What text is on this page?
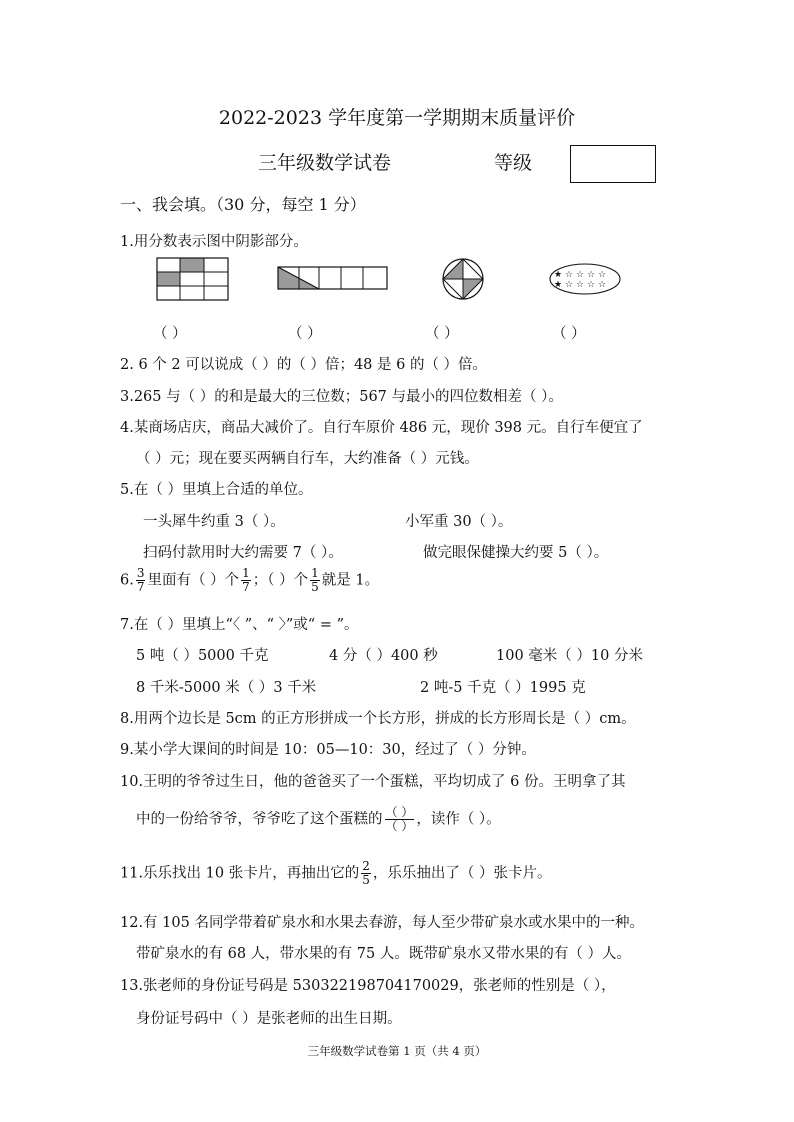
2022-2023 学年度第一学期期末质量评价
三年级数学试卷	等级
一、我会填。（30 分，每空 1 分）
1.用分数表示图中阴影部分。
★ ☆ ☆ ☆ ☆
★ ☆ ☆ ☆ ☆
（ ）	（ ）	（ ）	（ ）
2. 6 个 2 可以说成（ ）的（ ）倍；48 是 6 的（ ）倍。
3.265 与（ ）的和是最大的三位数；567 与最小的四位数相差（ ）。
4.某商场店庆，商品大减价了。自行车原价 486 元，现价 398 元。自行车便宜了
（ ）元；现在要买两辆自行车，大约准备（ ）元钱。
5.在（ ）里填上合适的单位。
一头犀牛约重 3（ ）。	小军重 30（ ）。
扫码付款用时大约需要 7（ ）。	做完眼保健操大约要 5（ ）。
6. $\frac{3}{7}$ 里面有（ ）个 $\frac{1}{7}$ ；（ ）个 $\frac{1}{5}$ 就是 1。
7.在（ ）里填上“〈 ”、“ 〉”或“ = ”。
5 吨（ ）5000 千克	4 分（ ）400 秒	100 毫米（ ）10 分米
8 千米-5000 米（ ）3 千米	2 吨-5 千克（ ）1995 克
8.用两个边长是 5cm 的正方形拼成一个长方形，拼成的长方形周长是（ ）cm。
9.某小学大课间的时间是 10：05—10：30，经过了（ ）分钟。
10.王明的爷爷过生日，他的爸爸买了一个蛋糕，平均切成了 6 份。王明拿了其
中的一份给爷爷，爷爷吃了这个蛋糕的 $\frac{( )}{( )}$ ，读作（ ）。
11.乐乐找出 10 张卡片，再抽出它的 $\frac{2}{5}$ ，乐乐抽出了（ ）张卡片。
12.有 105 名同学带着矿泉水和水果去春游，每人至少带矿泉水或水果中的一种。
带矿泉水的有 68 人，带水果的有 75 人。既带矿泉水又带水果的有（ ）人。
13.张老师的身份证号码是 530322198704170029，张老师的性别是（ ），
身份证号码中（ ）是张老师的出生日期。
三年级数学试卷第 1 页（共 4 页）
